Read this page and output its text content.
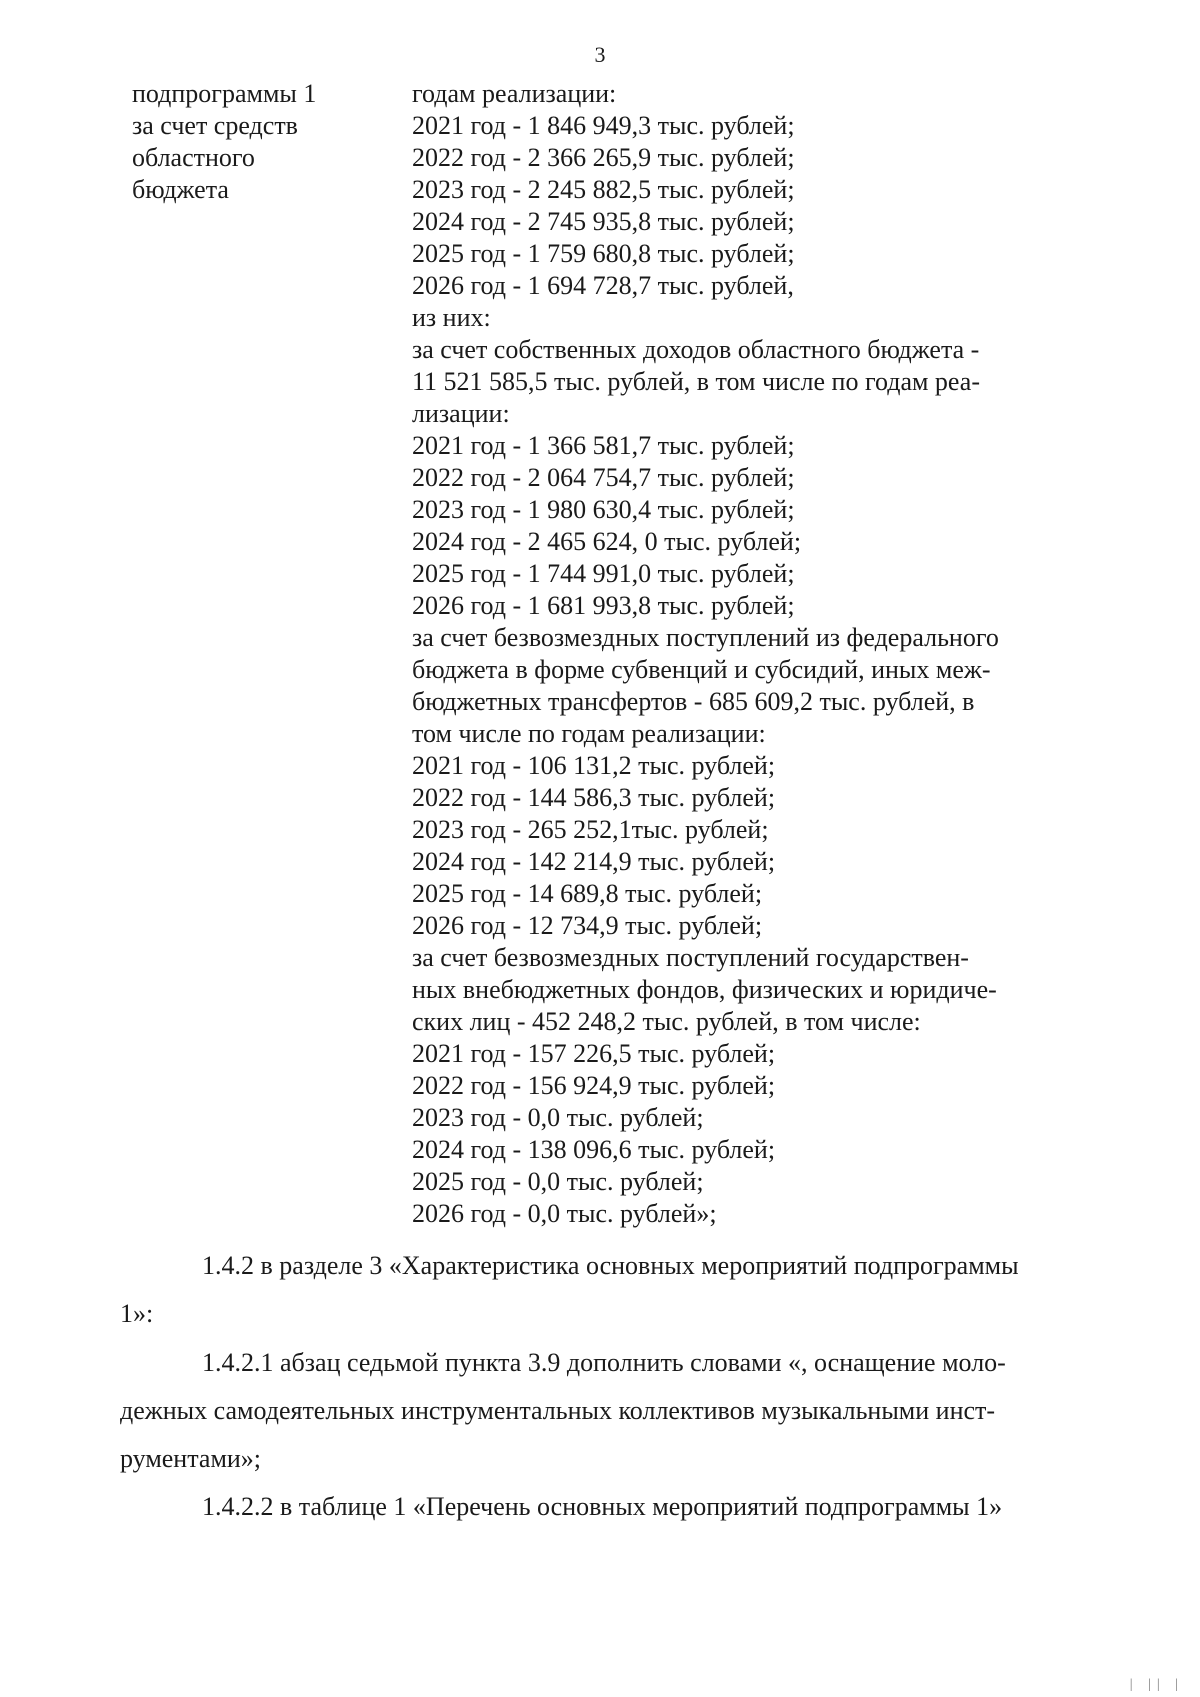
3
подпрограммы 1
за счет средств
областного
бюджета
годам реализации:
2021 год - 1 846 949,3 тыс. рублей;
2022 год - 2 366 265,9 тыс. рублей;
2023 год - 2 245 882,5 тыс. рублей;
2024 год - 2 745 935,8 тыс. рублей;
2025 год - 1 759 680,8 тыс. рублей;
2026 год - 1 694 728,7 тыс. рублей,
из них:
за счет собственных доходов областного бюджета -
11 521 585,5 тыс. рублей, в том числе по годам реа-
лизации:
2021 год - 1 366 581,7 тыс. рублей;
2022 год - 2 064 754,7 тыс. рублей;
2023 год - 1 980 630,4 тыс. рублей;
2024 год - 2 465 624, 0 тыс. рублей;
2025 год - 1 744 991,0 тыс. рублей;
2026 год - 1 681 993,8 тыс. рублей;
за счет безвозмездных поступлений из федерального
бюджета в форме субвенций и субсидий, иных меж-
бюджетных трансфертов - 685 609,2 тыс. рублей, в
том числе по годам реализации:
2021 год - 106 131,2 тыс. рублей;
2022 год - 144 586,3 тыс. рублей;
2023 год - 265 252,1тыс. рублей;
2024 год - 142 214,9 тыс. рублей;
2025 год - 14 689,8 тыс. рублей;
2026 год - 12 734,9 тыс. рублей;
за счет безвозмездных поступлений государствен-
ных внебюджетных фондов, физических и юридиче-
ских лиц - 452 248,2 тыс. рублей, в том числе:
2021 год - 157 226,5 тыс. рублей;
2022 год - 156 924,9 тыс. рублей;
2023 год - 0,0 тыс. рублей;
2024 год - 138 096,6 тыс. рублей;
2025 год - 0,0 тыс. рублей;
2026 год - 0,0 тыс. рублей»;
1.4.2 в разделе 3 «Характеристика основных мероприятий подпрограммы
1»:
1.4.2.1 абзац седьмой пункта 3.9 дополнить словами «, оснащение моло-
дежных самодеятельных инструментальных коллективов музыкальными инст-
рументами»;
1.4.2.2 в таблице 1 «Перечень основных мероприятий подпрограммы 1»
| || |
